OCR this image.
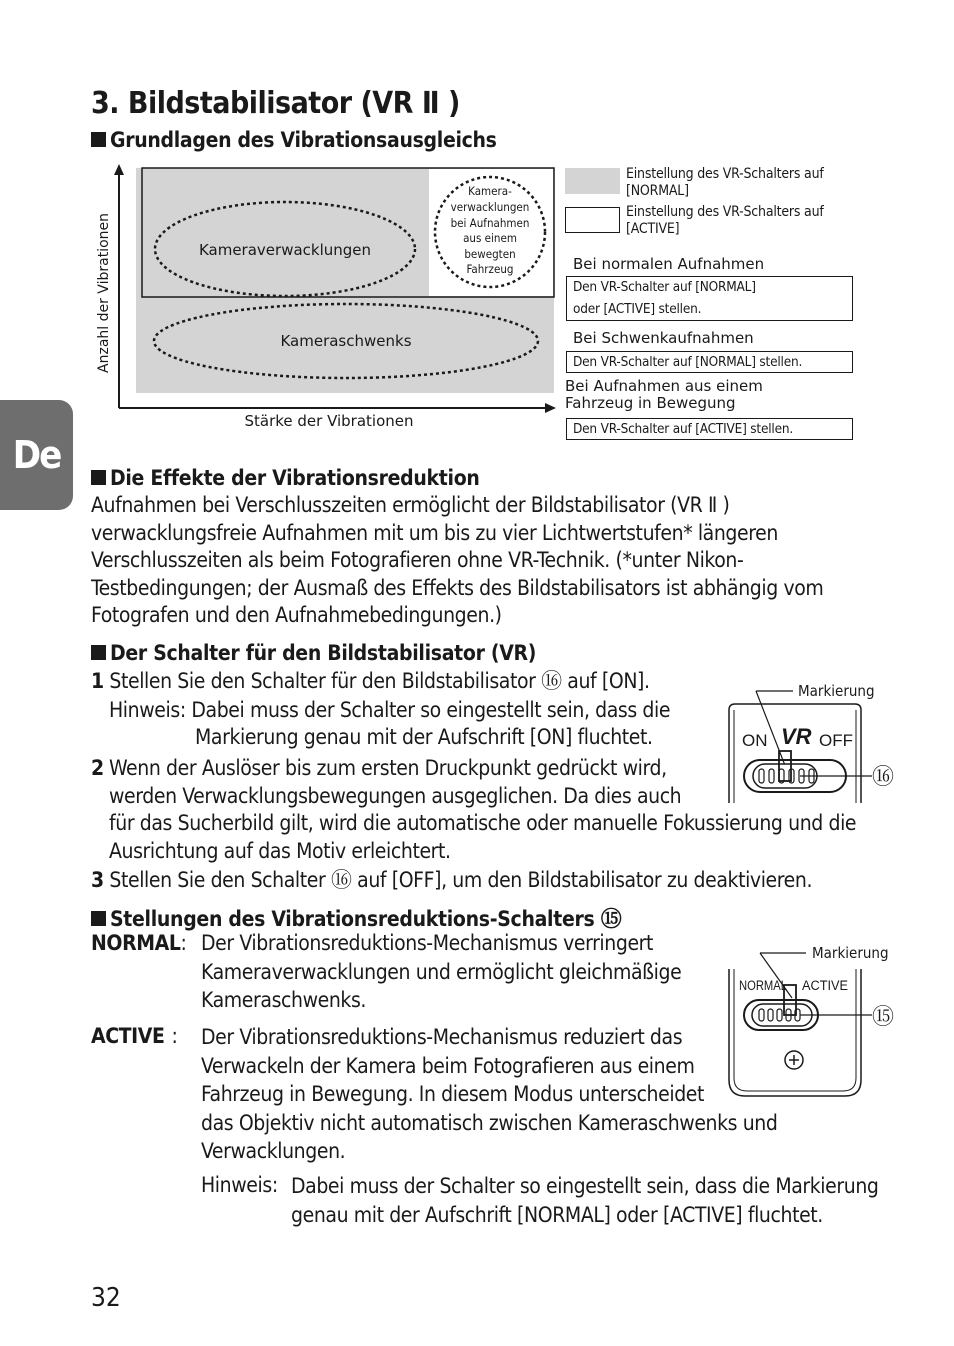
3. Bildstabilisator (VR Ⅱ )
De
Grundlagen des Vibrationsausgleichs
Kameraverwacklungen
Kameraschwenks
Kamera-
verwacklungen
bei Aufnahmen
aus einem
bewegten
Fahrzeug
Stärke der Vibrationen
Anzahl der Vibrationen
Einstellung des VR-Schalters auf
[NORMAL]
Einstellung des VR-Schalters auf
[ACTIVE]
Bei normalen Aufnahmen
Den VR-Schalter auf [NORMAL]
oder [ACTIVE] stellen.
Bei Schwenkaufnahmen
Den VR-Schalter auf [NORMAL] stellen.
Bei Aufnahmen aus einem
Fahrzeug in Bewegung
Den VR-Schalter auf [ACTIVE] stellen.
Die Effekte der Vibrationsreduktion
Aufnahmen bei Verschlusszeiten ermöglicht der Bildstabilisator (VR Ⅱ )
verwacklungsfreie Aufnahmen mit um bis zu vier Lichtwertstufen* längeren
Verschlusszeiten als beim Fotografieren ohne VR-Technik. (*unter Nikon-
Testbedingungen; der Ausmaß des Effekts des Bildstabilisators ist abhängig vom
Fotografen und den Aufnahmebedingungen.)
Der Schalter für den Bildstabilisator (VR)
1 Stellen Sie den Schalter für den Bildstabilisator ⑯ auf [ON].
Hinweis: Dabei muss der Schalter so eingestellt sein, dass die
Markierung genau mit der Aufschrift [ON] fluchtet.
2 Wenn der Auslöser bis zum ersten Druckpunkt gedrückt wird,
werden Verwacklungsbewegungen ausgeglichen. Da dies auch
für das Sucherbild gilt, wird die automatische oder manuelle Fokussierung und die
Ausrichtung auf das Motiv erleichtert.
3 Stellen Sie den Schalter ⑯ auf [OFF], um den Bildstabilisator zu deaktivieren.
Markierung
ON VR OFF
⑯
Stellungen des Vibrationsreduktions-Schalters ⑮
NORMAL: Der Vibrationsreduktions-Mechanismus verringert
Kameraverwacklungen und ermöglicht gleichmäßige
Kameraschwenks.
ACTIVE : Der Vibrationsreduktions-Mechanismus reduziert das
Verwackeln der Kamera beim Fotografieren aus einem
Fahrzeug in Bewegung. In diesem Modus unterscheidet
das Objektiv nicht automatisch zwischen Kameraschwenks und
Verwacklungen.
Hinweis: Dabei muss der Schalter so eingestellt sein, dass die Markierung
genau mit der Aufschrift [NORMAL] oder [ACTIVE] fluchtet.
Markierung
NORMAL ACTIVE
⑮
32
